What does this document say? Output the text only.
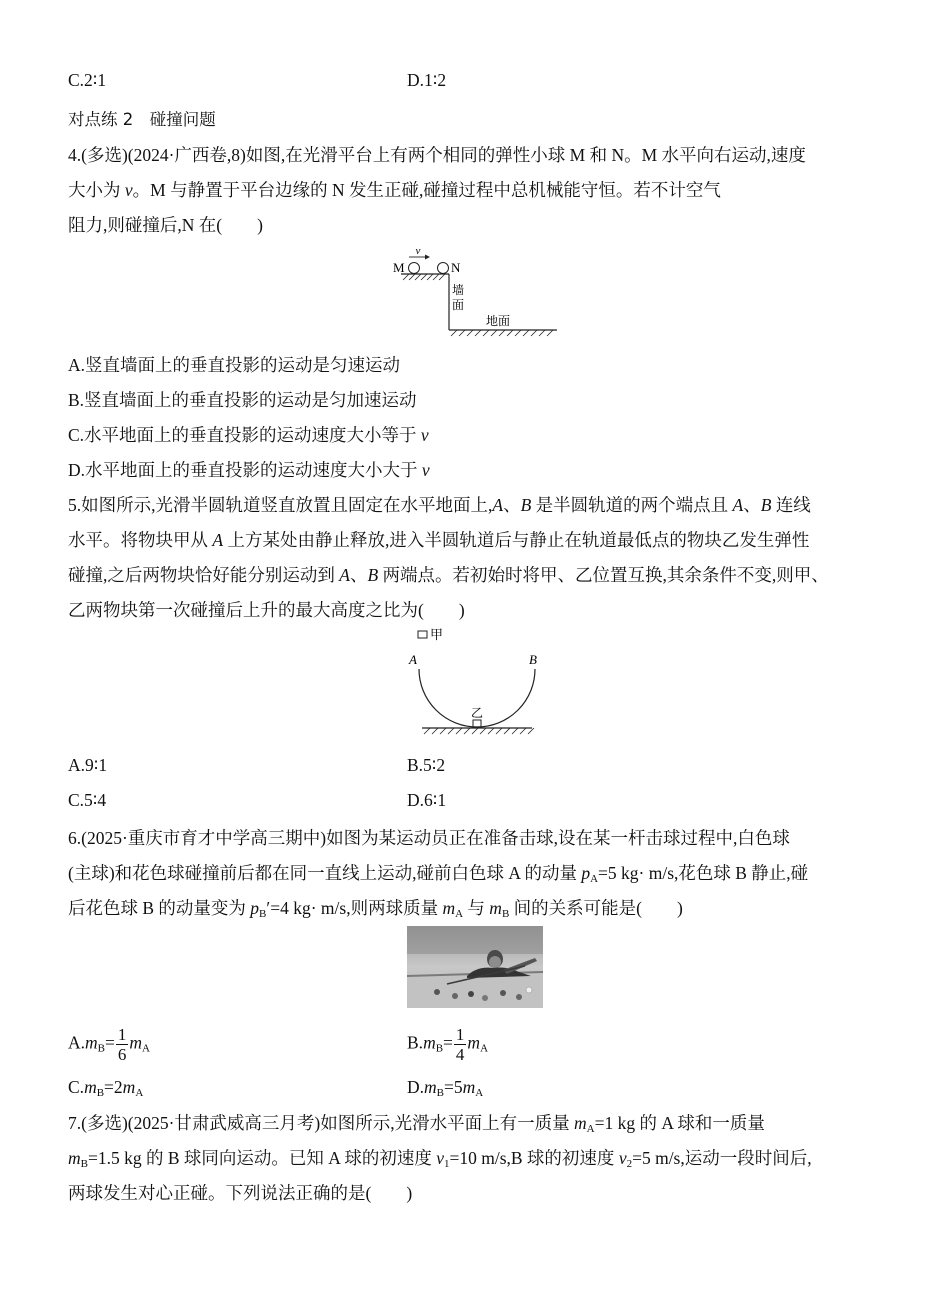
C.2∶1	D.1∶2
对点练 2　碰撞问题
4.(多选)(2024·广西卷,8)如图,在光滑平台上有两个相同的弹性小球 M 和 N。M 水平向右运动,速度
大小为 v。M 与静置于平台边缘的 N 发生正碰,碰撞过程中总机械能守恒。若不计空气
阻力,则碰撞后,N 在(　　)
v
M	N
墙
面
地面
A.竖直墙面上的垂直投影的运动是匀速运动
B.竖直墙面上的垂直投影的运动是匀加速运动
C.水平地面上的垂直投影的运动速度大小等于 v
D.水平地面上的垂直投影的运动速度大小大于 v
5.如图所示,光滑半圆轨道竖直放置且固定在水平地面上,A、B 是半圆轨道的两个端点且 A、B 连线
水平。将物块甲从 A 上方某处由静止释放,进入半圆轨道后与静止在轨道最低点的物块乙发生弹性
碰撞,之后两物块恰好能分别运动到 A、B 两端点。若初始时将甲、乙位置互换,其余条件不变,则甲、
乙两物块第一次碰撞后上升的最大高度之比为(　　)
甲
A	B
乙
A.9∶1	B.5∶2
C.5∶4	D.6∶1
6.(2025·重庆市育才中学高三期中)如图为某运动员正在准备击球,设在某一杆击球过程中,白色球
(主球)和花色球碰撞前后都在同一直线上运动,碰前白色球 A 的动量 $p_A=5$ kg· m/s,花色球 B 静止,碰
后花色球 B 的动量变为 $p_B'=4$ kg· m/s,则两球质量 $m_A$ 与 $m_B$ 间的关系可能是(　　)
$A.m_B= \frac{1}{6} m_A$	$B.m_B= \frac{1}{4} m_A$
$C.m_B=2m_A$	$D.m_B=5m_A$
7.(多选)(2025·甘肃武威高三月考)如图所示,光滑水平面上有一质量 $m_A=1$ kg 的 A 球和一质量
$m_B=1.5$ kg 的 B 球同向运动。已知 A 球的初速度 $v_1=10$ m/s,B 球的初速度 $v_2=5$ m/s,运动一段时间后,
两球发生对心正碰。下列说法正确的是(　　)
